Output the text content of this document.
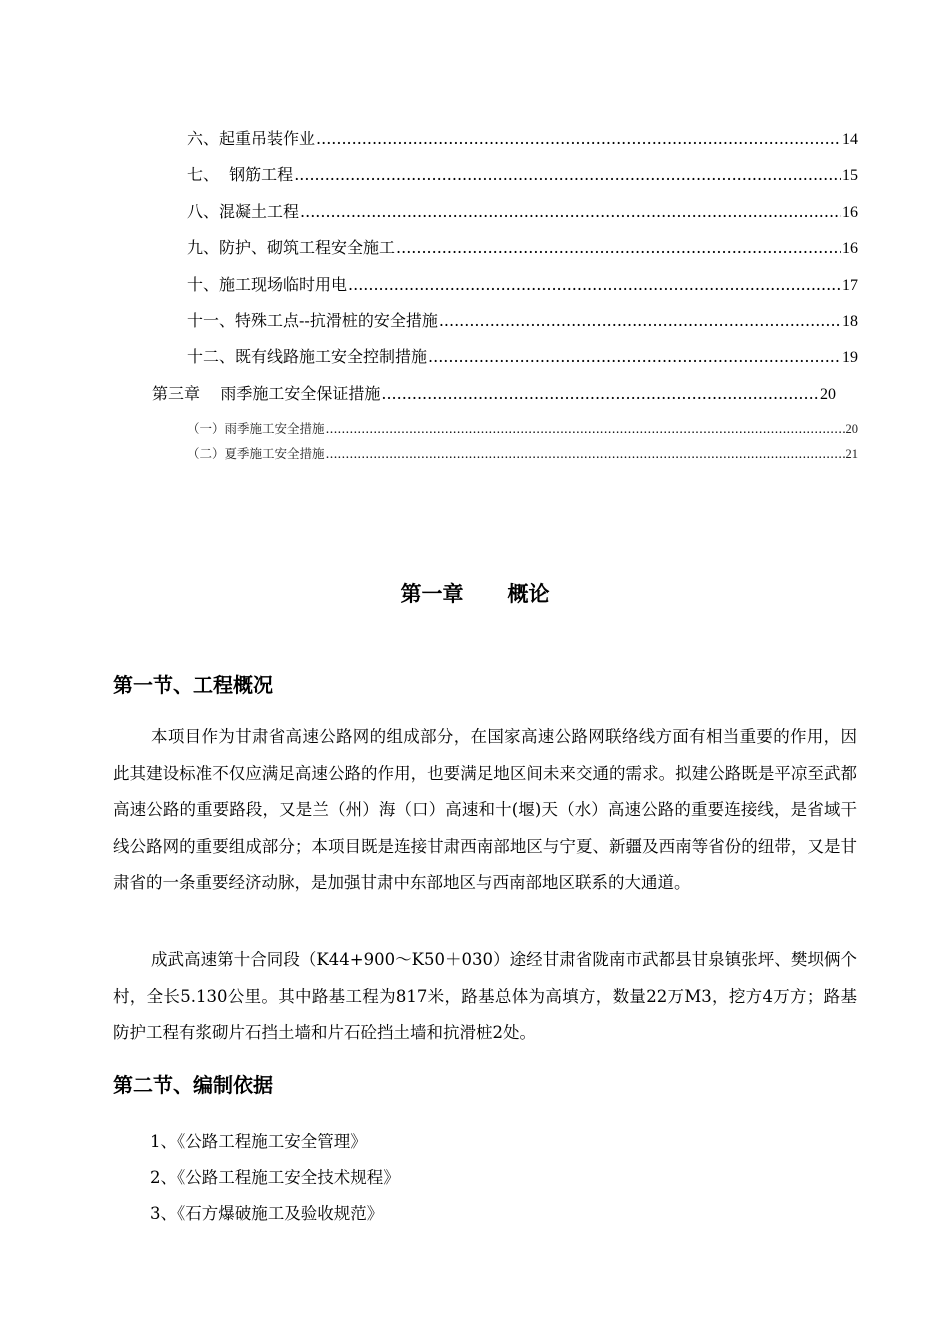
六、起重吊装作业 .....	14
七、  钢筋工程 .....	15
八、混凝土工程 .....	16
九、防护、砌筑工程安全施工 .....	16
十、施工现场临时用电 .....	17
十一、特殊工点--抗滑桩的安全措施 .....	18
十二、既有线路施工安全控制措施 .....	19
第三章    雨季施工安全保证措施 .....	20
（一）雨季施工安全措施 .....	20
（二）夏季施工安全措施 .....	21
第一章 概论
第一节、工程概况

本项目作为甘肃省高速公路网的组成部分，在国家高速公路网联络线方面有相当重要的作用，因此其建设标准不仅应满足高速公路的作用，也要满足地区间未来交通的需求。拟建公路既是平凉至武都高速公路的重要路段，又是兰（州）海（口）高速和十(堰)天（水）高速公路的重要连接线，是省域干线公路网的重要组成部分；本项目既是连接甘肃西南部地区与宁夏、新疆及西南等省份的纽带，又是甘肃省的一条重要经济动脉，是加强甘肃中东部地区与西南部地区联系的大通道。

成武高速第十合同段（K44+900～K50＋030）途经甘肃省陇南市武都县甘泉镇张坪、樊坝俩个村，全长5.130公里。其中路基工程为817米，路基总体为高填方，数量22万M3，挖方4万方；路基防护工程有浆砌片石挡土墙和片石砼挡土墙和抗滑桩2处。

第二节、编制依据
1、《公路工程施工安全管理》
2、《公路工程施工安全技术规程》
3、《石方爆破施工及验收规范》
